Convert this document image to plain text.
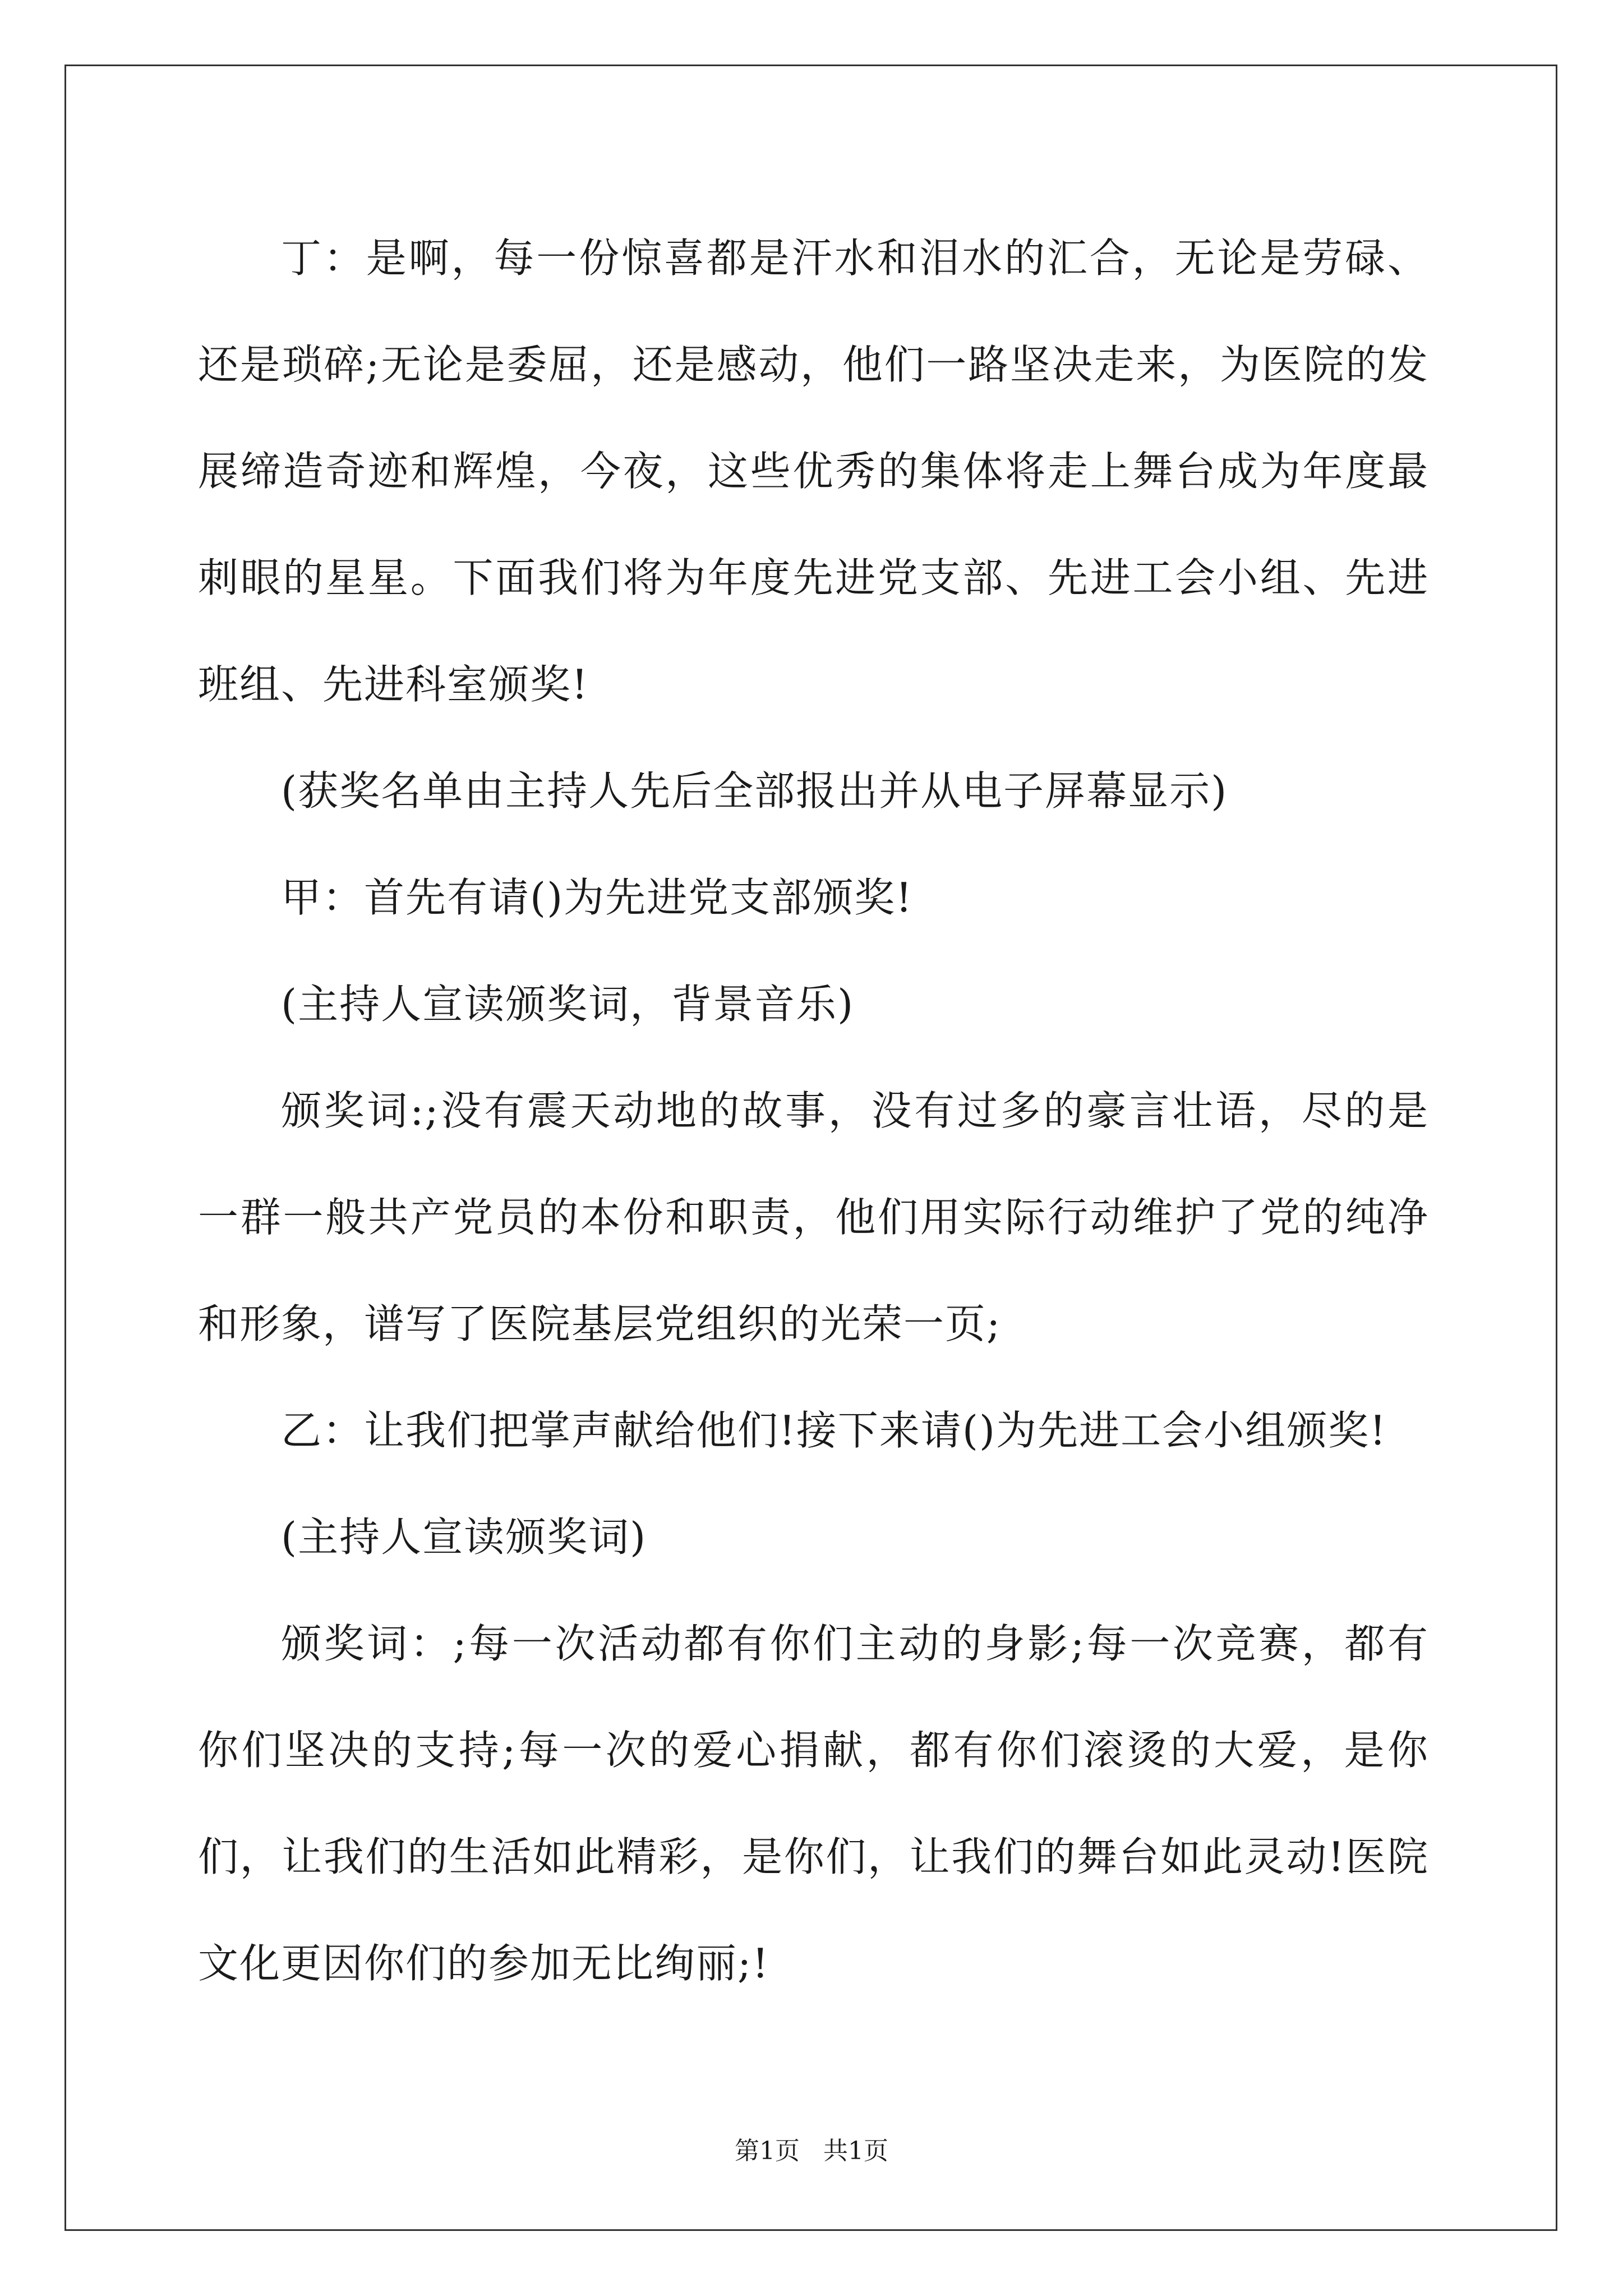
丁：是啊，每一份惊喜都是汗水和泪水的汇合，无论是劳碌、还是琐碎;无论是委屈，还是感动，他们一路坚决走来，为医院的发展缔造奇迹和辉煌，今夜，这些优秀的集体将走上舞台成为年度最刺眼的星星。下面我们将为年度先进党支部、先进工会小组、先进班组、先进科室颁奖!

(获奖名单由主持人先后全部报出并从电子屏幕显示)

甲：首先有请()为先进党支部颁奖!

(主持人宣读颁奖词，背景音乐)

颁奖词:;没有震天动地的故事，没有过多的豪言壮语，尽的是一群一般共产党员的本份和职责，他们用实际行动维护了党的纯净和形象，谱写了医院基层党组织的光荣一页;

乙：让我们把掌声献给他们!接下来请()为先进工会小组颁奖!

(主持人宣读颁奖词)

颁奖词：;每一次活动都有你们主动的身影;每一次竞赛，都有你们坚决的支持;每一次的爱心捐献，都有你们滚烫的大爱，是你们，让我们的生活如此精彩，是你们，让我们的舞台如此灵动!医院文化更因你们的参加无比绚丽;!

第1页 共1页
